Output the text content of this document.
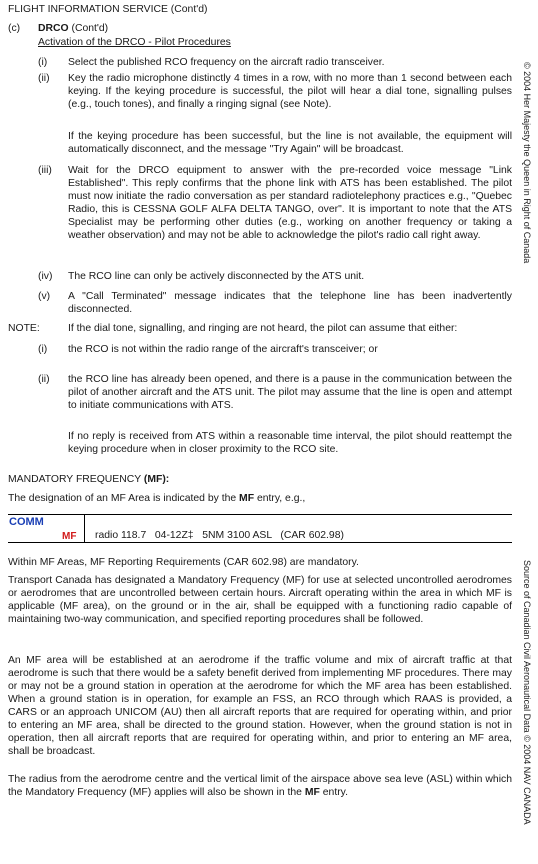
FLIGHT INFORMATION SERVICE (Cont'd)
(c) DRCO (Cont'd)
Activation of the DRCO - Pilot Procedures
(i) Select the published RCO frequency on the aircraft radio transceiver.
(ii) Key the radio microphone distinctly 4 times in a row, with no more than 1 second between each keying. If the keying procedure is successful, the pilot will hear a dial tone, signalling pulses (e.g., touch tones), and finally a ringing signal (see Note).
If the keying procedure has been successful, but the line is not available, the equipment will automatically disconnect, and the message "Try Again" will be broadcast.
(iii) Wait for the DRCO equipment to answer with the pre-recorded voice message "Link Established". This reply confirms that the phone link with ATS has been established. The pilot must now initiate the radio conversation as per standard radiotelephony practices e.g., "Quebec Radio, this is CESSNA GOLF ALFA DELTA TANGO, over". It is important to note that the ATS Specialist may be performing other duties (e.g., working on another frequency or taking a weather observation) and may not be able to acknowledge the pilot's radio call right away.
(iv) The RCO line can only be actively disconnected by the ATS unit.
(v) A "Call Terminated" message indicates that the telephone line has been inadvertently disconnected.
NOTE:	If the dial tone, signalling, and ringing are not heard, the pilot can assume that either:
(i) the RCO is not within the radio range of the aircraft's transceiver; or
(ii) the RCO line has already been opened, and there is a pause in the communication between the pilot of another aircraft and the ATS unit. The pilot may assume that the line is open and attempt to initiate communications with ATS.
If no reply is received from ATS within a reasonable time interval, the pilot should reattempt the keying procedure when in closer proximity to the RCO site.
MANDATORY FREQUENCY (MF):
The designation of an MF Area is indicated by the MF entry, e.g.,
COMM
MF radio 118.7   04-12Z‡   5NM 3100 ASL   (CAR 602.98)
Within MF Areas, MF Reporting Requirements (CAR 602.98) are mandatory.
Transport Canada has designated a Mandatory Frequency (MF) for use at selected uncontrolled aerodromes or aerodromes that are uncontrolled between certain hours. Aircraft operating within the area in which MF is applicable (MF area), on the ground or in the air, shall be equipped with a functioning radio capable of maintaining two-way communication, and specified reporting procedures shall be followed.
An MF area will be established at an aerodrome if the traffic volume and mix of aircraft traffic at that aerodrome is such that there would be a safety benefit derived from implementing MF procedures. There may or may not be a ground station in operation at the aerodrome for which the MF area has been established. When a ground station is in operation, for example an FSS, an RCO through which RAAS is provided, a CARS or an approach UNICOM (AU) then all aircraft reports that are required for operating within, and prior to entering an MF area, shall be directed to the ground station. However, when the ground station is not in operation, then all aircraft reports that are required for operating within, and prior to entering an MF area, shall be broadcast.
The radius from the aerodrome centre and the vertical limit of the airspace above sea leve (ASL) within which the Mandatory Frequency (MF) applies will also be shown in the MF entry.
© 2004 Her Majesty the Queen in Right of Canada
Source of Canadian Civil Aeronautical Data © 2004 NAV CANADA
